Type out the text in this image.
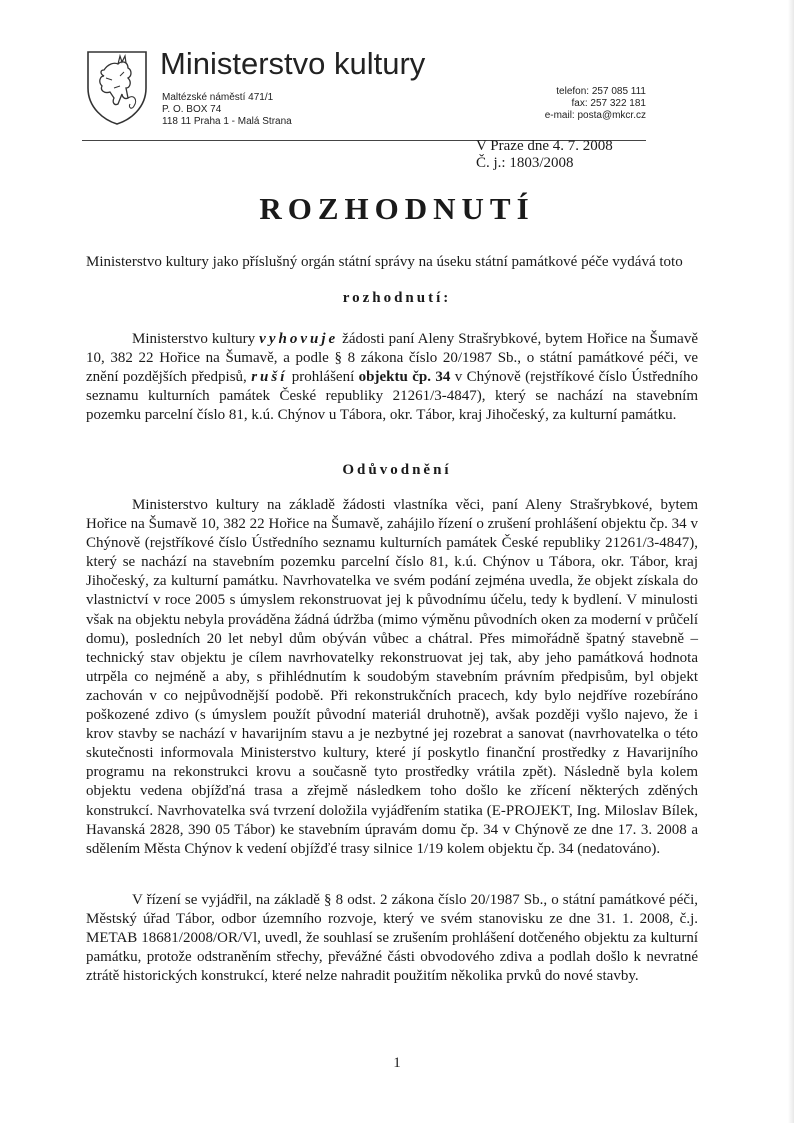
Ministerstvo kultury
Maltézské náměstí 471/1
P. O. BOX 74
118 11 Praha 1 - Malá Strana
telefon: 257 085 111
fax: 257 322 181
e-mail: posta@mkcr.cz
V Praze dne 4. 7. 2008
Č. j.: 1803/2008
ROZHODNUTÍ
Ministerstvo kultury jako příslušný orgán státní správy na úseku státní památkové péče vydává toto
rozhodnutí:
Ministerstvo kultury vyhovuje žádosti paní Aleny Strašrybkové, bytem Hořice na Šumavě 10, 382 22 Hořice na Šumavě, a podle § 8 zákona číslo 20/1987 Sb., o státní památkové péči, ve znění pozdějších předpisů, ruší prohlášení objektu čp. 34 v Chýnově (rejstříkové číslo Ústředního seznamu kulturních památek České republiky 21261/3-4847), který se nachází na stavebním pozemku parcelní číslo 81, k.ú. Chýnov u Tábora, okr. Tábor, kraj Jihočeský, za kulturní památku.
Odůvodnění
Ministerstvo kultury na základě žádosti vlastníka věci, paní Aleny Strašrybkové, bytem Hořice na Šumavě 10, 382 22 Hořice na Šumavě, zahájilo řízení o zrušení prohlášení objektu čp. 34 v Chýnově (rejstříkové číslo Ústředního seznamu kulturních památek České republiky 21261/3-4847), který se nachází na stavebním pozemku parcelní číslo 81, k.ú. Chýnov u Tábora, okr. Tábor, kraj Jihočeský, za kulturní památku. Navrhovatelka ve svém podání zejména uvedla, že objekt získala do vlastnictví v roce 2005 s úmyslem rekonstruovat jej k původnímu účelu, tedy k bydlení. V minulosti však na objektu nebyla prováděna žádná údržba (mimo výměnu původních oken za moderní v průčelí domu), posledních 20 let nebyl dům obýván vůbec a chátral. Přes mimořádně špatný stavebně – technický stav objektu je cílem navrhovatelky rekonstruovat jej tak, aby jeho památková hodnota utrpěla co nejméně a aby, s přihlédnutím k soudobým stavebním právním předpisům, byl objekt zachován v co nejpůvodnější podobě. Při rekonstrukčních pracech, kdy bylo nejdříve rozebíráno poškozené zdivo (s úmyslem použít původní materiál druhotně), avšak později vyšlo najevo, že i krov stavby se nachází v havarijním stavu a je nezbytné jej rozebrat a sanovat (navrhovatelka o této skutečnosti informovala Ministerstvo kultury, které jí poskytlo finanční prostředky z Havarijního programu na rekonstrukci krovu a současně tyto prostředky vrátila zpět). Následně byla kolem objektu vedena objížďná trasa a zřejmě následkem toho došlo ke zřícení některých zděných konstrukcí. Navrhovatelka svá tvrzení doložila vyjádřením statika (E-PROJEKT, Ing. Miloslav Bílek, Havanská 2828, 390 05 Tábor) ke stavebním úpravám domu čp. 34 v Chýnově ze dne 17. 3. 2008 a sdělením Města Chýnov k vedení objížďé trasy silnice 1/19 kolem objektu čp. 34 (nedatováno).
V řízení se vyjádřil, na základě § 8 odst. 2 zákona číslo 20/1987 Sb., o státní památkové péči, Městský úřad Tábor, odbor územního rozvoje, který ve svém stanovisku ze dne 31. 1. 2008, č.j. METAB 18681/2008/OR/Vl, uvedl, že souhlasí se zrušením prohlášení dotčeného objektu za kulturní památku, protože odstraněním střechy, převážné části obvodového zdiva a podlah došlo k nevratné ztrátě historických konstrukcí, které nelze nahradit použitím několika prvků do nové stavby.
1
